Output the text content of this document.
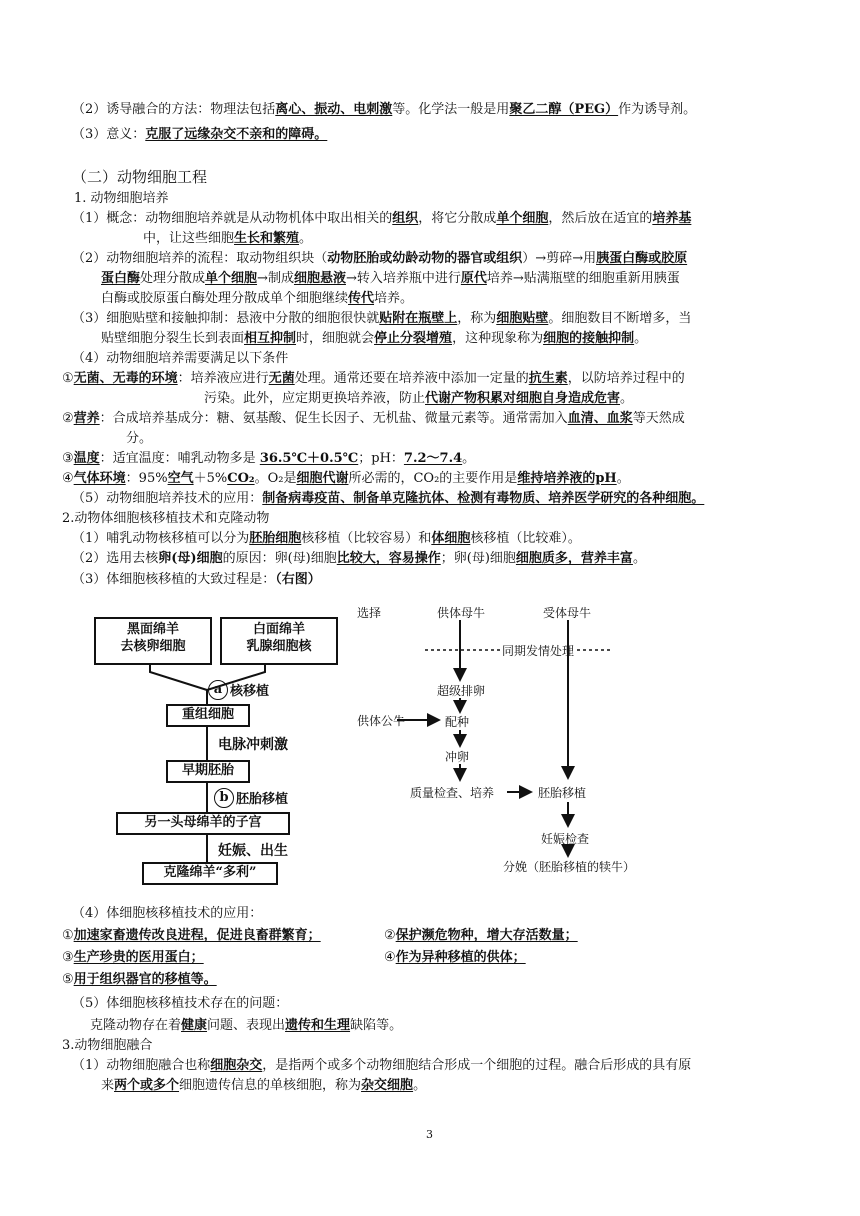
（2）诱导融合的方法：物理法包括离心、振动、电刺激等。化学法一般是用聚乙二醇（PEG）作为诱导剂。
（3）意义：克服了远缘杂交不亲和的障碍。
（二）动物细胞工程
1. 动物细胞培养
（1）概念：动物细胞培养就是从动物机体中取出相关的组织，将它分散成单个细胞，然后放在适宜的培养基
中，让这些细胞生长和繁殖。
（2）动物细胞培养的流程：取动物组织块（动物胚胎或幼龄动物的器官或组织）→剪碎→用胰蛋白酶或胶原
蛋白酶处理分散成单个细胞→制成细胞悬液→转入培养瓶中进行原代培养→贴满瓶壁的细胞重新用胰蛋
白酶或胶原蛋白酶处理分散成单个细胞继续传代培养。
（3）细胞贴壁和接触抑制：悬液中分散的细胞很快就贴附在瓶壁上，称为细胞贴壁。细胞数目不断增多，当
贴壁细胞分裂生长到表面相互抑制时，细胞就会停止分裂增殖，这种现象称为细胞的接触抑制。
（4）动物细胞培养需要满足以下条件
①无菌、无毒的环境：培养液应进行无菌处理。通常还要在培养液中添加一定量的抗生素，以防培养过程中的
污染。此外，应定期更换培养液，防止代谢产物积累对细胞自身造成危害。
②营养：合成培养基成分：糖、氨基酸、促生长因子、无机盐、微量元素等。通常需加入血清、血浆等天然成
分。
③温度：适宜温度：哺乳动物多是 36.5℃＋0.5℃；pH：7.2～7.4。
④气体环境：95%空气＋5%CO₂。O₂是细胞代谢所必需的，CO₂的主要作用是维持培养液的pH。
（5）动物细胞培养技术的应用：制备病毒疫苗、制备单克隆抗体、检测有毒物质、培养医学研究的各种细胞。
2.动物体细胞核移植技术和克隆动物
（1）哺乳动物核移植可以分为胚胎细胞核移植（比较容易）和体细胞核移植（比较难）。
（2）选用去核卵(母)细胞的原因：卵(母)细胞比较大，容易操作；卵(母)细胞细胞质多，营养丰富。
（3）体细胞核移植的大致过程是：（右图）
黑面绵羊
去核卵细胞
白面绵羊
乳腺细胞核
a 核移植
重组细胞
电脉冲刺激
早期胚胎
b 胚胎移植
另一头母绵羊的子宫
妊娠、出生
克隆绵羊“多利”
选择	供体母牛	受体母牛
同期发情处理
超级排卵
供体公牛	配种
冲卵
质量检查、培养	胚胎移植
妊娠检查
分娩（胚胎移植的犊牛）
（4）体细胞核移植技术的应用：
①加速家畜遗传改良进程，促进良畜群繁育；	②保护濒危物种，增大存活数量；
③生产珍贵的医用蛋白；	④作为异种移植的供体；
⑤用于组织器官的移植等。
（5）体细胞核移植技术存在的问题：
克隆动物存在着健康问题、表现出遗传和生理缺陷等。
3.动物细胞融合
（1）动物细胞融合也称细胞杂交，是指两个或多个动物细胞结合形成一个细胞的过程。融合后形成的具有原
来两个或多个细胞遗传信息的单核细胞，称为杂交细胞。
3
